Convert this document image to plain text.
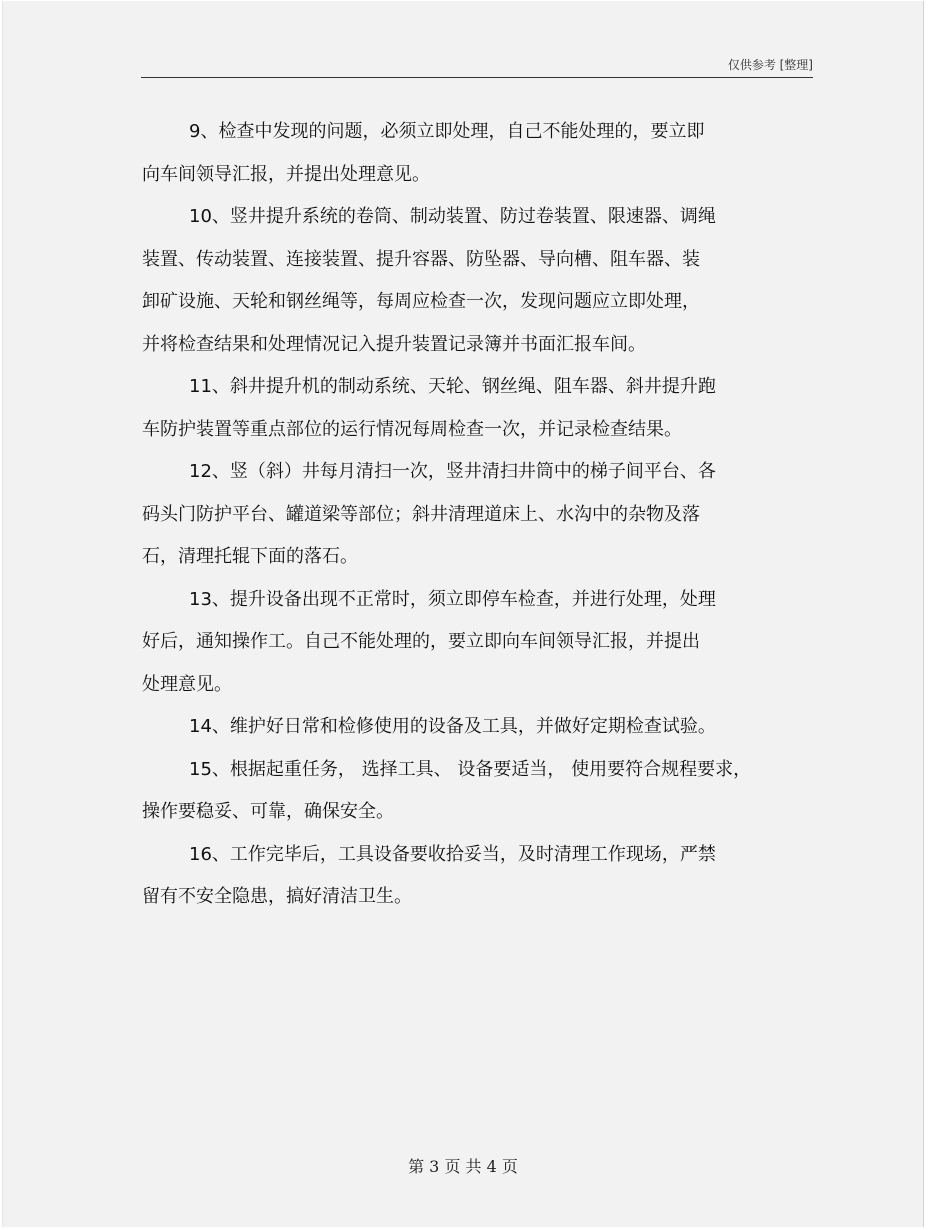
仅供参考 [整理]

9、检查中发现的问题，必须立即处理，自己不能处理的，要立即
向车间领导汇报，并提出处理意见。

10、竖井提升系统的卷筒、制动装置、防过卷装置、限速器、调绳
装置、传动装置、连接装置、提升容器、防坠器、导向槽、阻车器、装
卸矿设施、天轮和钢丝绳等，每周应检查一次，发现问题应立即处理，
并将检查结果和处理情况记入提升装置记录簿并书面汇报车间。

11、斜井提升机的制动系统、天轮、钢丝绳、阻车器、斜井提升跑
车防护装置等重点部位的运行情况每周检查一次，并记录检查结果。

12、竖（斜）井每月清扫一次，竖井清扫井筒中的梯子间平台、各
码头门防护平台、罐道梁等部位；斜井清理道床上、水沟中的杂物及落
石，清理托辊下面的落石。

13、提升设备出现不正常时，须立即停车检查，并进行处理，处理
好后，通知操作工。自己不能处理的，要立即向车间领导汇报，并提出
处理意见。

14、维护好日常和检修使用的设备及工具，并做好定期检查试验。

15、根据起重任务， 选择工具、 设备要适当， 使用要符合规程要求，
操作要稳妥、可靠，确保安全。

16、工作完毕后，工具设备要收拾妥当，及时清理工作现场，严禁
留有不安全隐患，搞好清洁卫生。

第 3 页 共 4 页
